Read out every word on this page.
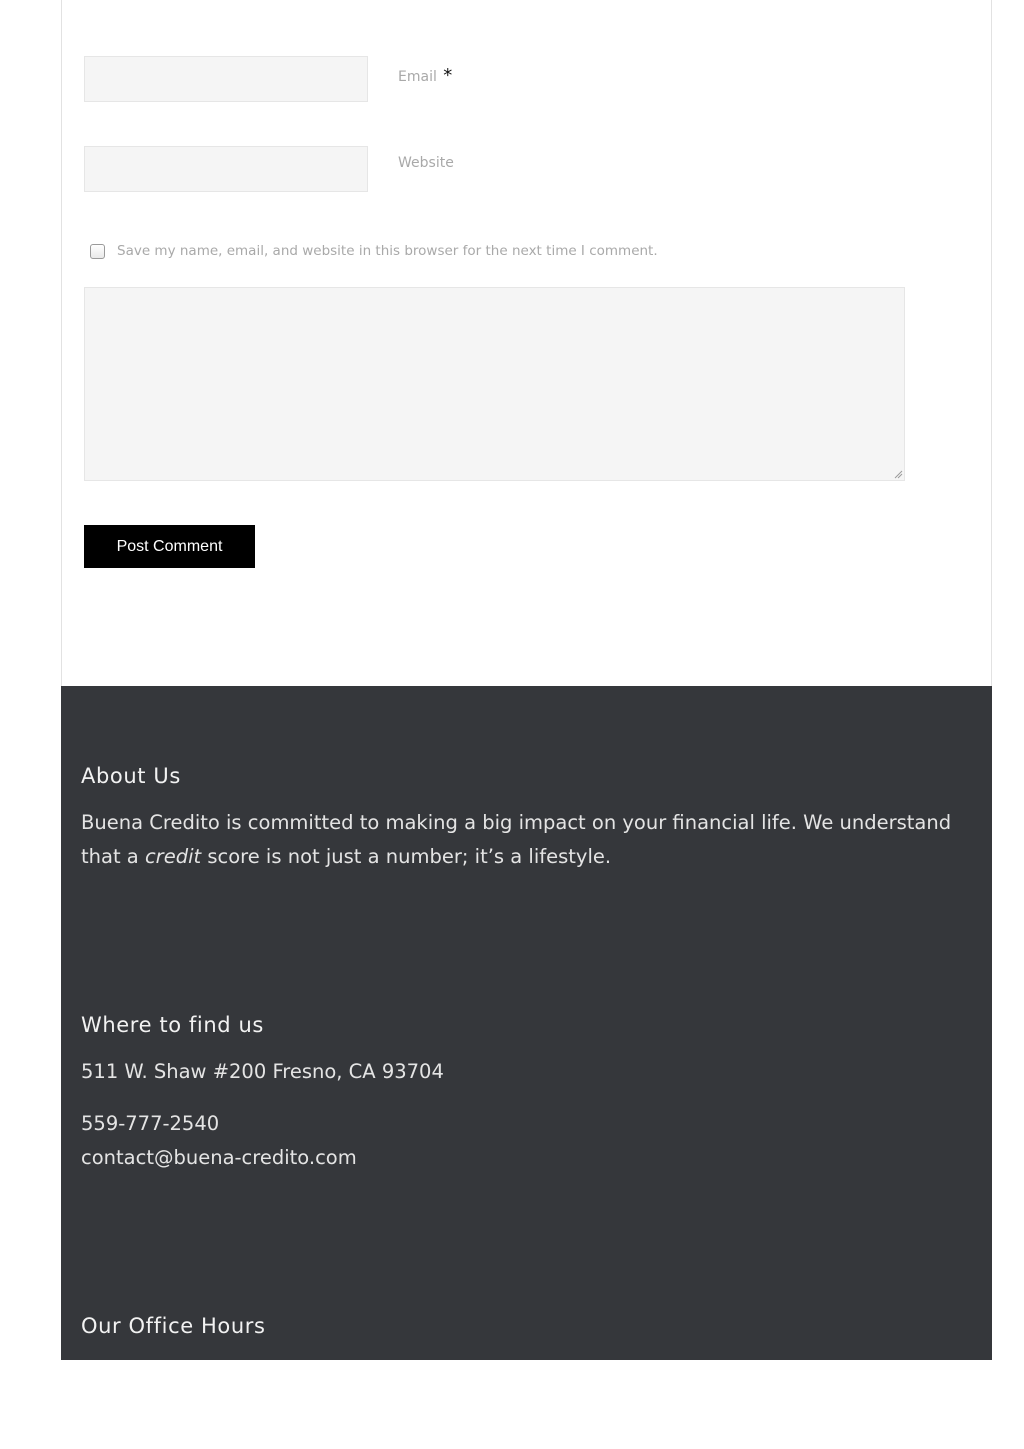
Email *
Website
Save my name, email, and website in this browser for the next time I comment.
Post Comment
About Us

Buena Credito is committed to making a big impact on your financial life. We understand that a credit score is not just a number; it’s a lifestyle.

Where to find us

511 W. Shaw #200 Fresno, CA 93704

559-777-2540

contact@buena-credito.com

Our Office Hours
